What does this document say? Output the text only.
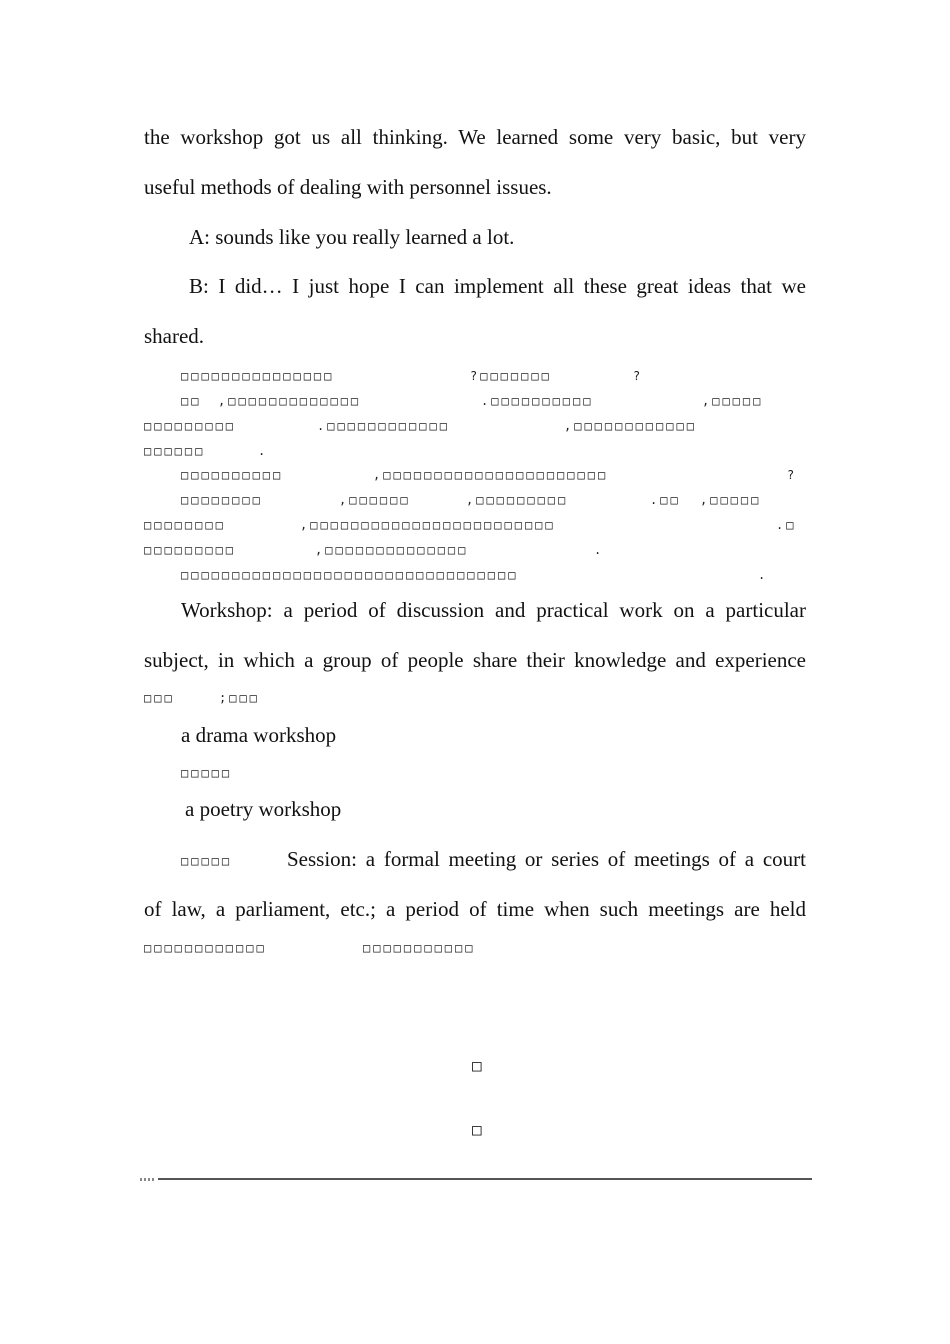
the workshop got us all thinking. We learned some very basic, but very
useful methods of dealing with personnel issues.
A: sounds like you really learned a lot.
B: I did… I just hope I can implement all these great ideas that we
shared.
□□□□□□□□□□□□□□□	?□□□□□□□	?
□□ ,□□□□□□□□□□□□□	.□□□□□□□□□□	,□□□□□
□□□□□□□□□	.□□□□□□□□□□□□	,□□□□□□□□□□□□
□□□□□□	.
□□□□□□□□□□	,□□□□□□□□□□□□□□□□□□□□□□	?
□□□□□□□□	,□□□□□□	,□□□□□□□□□	.□□ ,□□□□□
□□□□□□□□	,□□□□□□□□□□□□□□□□□□□□□□□□	.□
□□□□□□□□□	,□□□□□□□□□□□□□□	.
□□□□□□□□□□□□□□□□□□□□□□□□□□□□□□□□□	.
Workshop: a period of discussion and practical work on a particular
subject, in which a group of people share their knowledge and experience
□□□	;□□□
a drama workshop
□□□□□
a poetry workshop
□□□□□	Session: a formal meeting or series of meetings of a court
of law, a parliament, etc.; a period of time when such meetings are held
□□□□□□□□□□□□	□□□□□□□□□□□
□
□
